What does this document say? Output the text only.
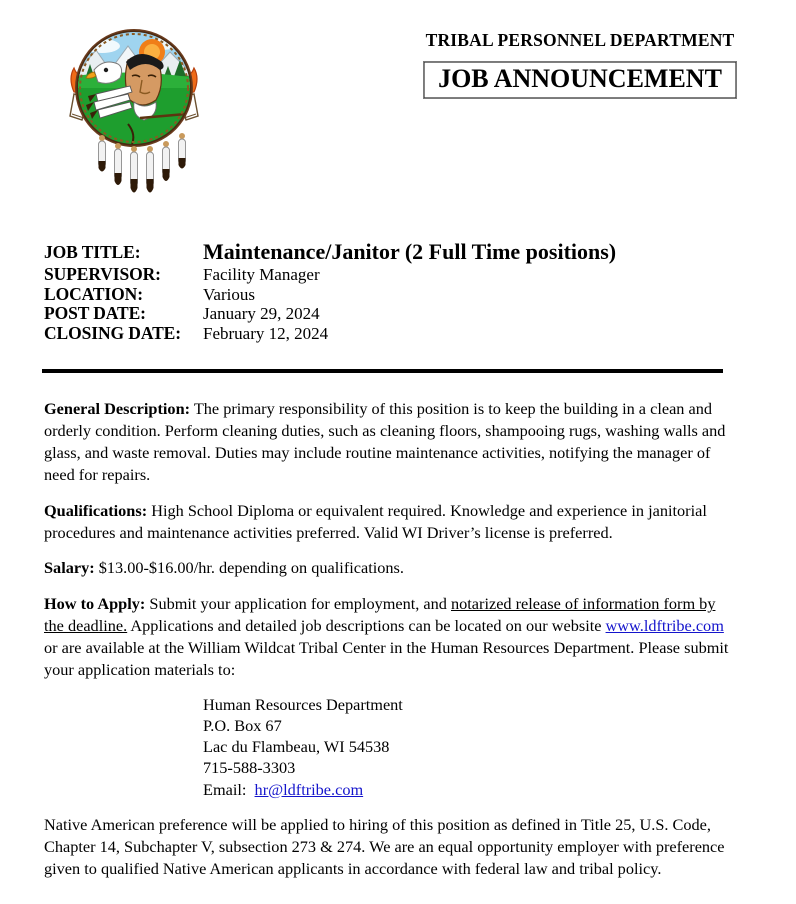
TRIBAL PERSONNEL DEPARTMENT
JOB ANNOUNCEMENT
JOB TITLE:	Maintenance/Janitor (2 Full Time positions)
SUPERVISOR:	Facility Manager
LOCATION:	Various
POST DATE:	January 29, 2024
CLOSING DATE:	February 12, 2024

General Description: The primary responsibility of this position is to keep the building in a clean and orderly condition. Perform cleaning duties, such as cleaning floors, shampooing rugs, washing walls and glass, and waste removal. Duties may include routine maintenance activities, notifying the manager of need for repairs.

Qualifications: High School Diploma or equivalent required. Knowledge and experience in janitorial procedures and maintenance activities preferred. Valid WI Driver’s license is preferred.

Salary: $13.00-$16.00/hr. depending on qualifications.

How to Apply: Submit your application for employment, and notarized release of information form by the deadline. Applications and detailed job descriptions can be located on our website www.ldftribe.com or are available at the William Wildcat Tribal Center in the Human Resources Department. Please submit your application materials to:

Human Resources Department
P.O. Box 67
Lac du Flambeau, WI 54538
715-588-3303
Email: hr@ldftribe.com

Native American preference will be applied to hiring of this position as defined in Title 25, U.S. Code, Chapter 14, Subchapter V, subsection 273 & 274. We are an equal opportunity employer with preference given to qualified Native American applicants in accordance with federal law and tribal policy.
